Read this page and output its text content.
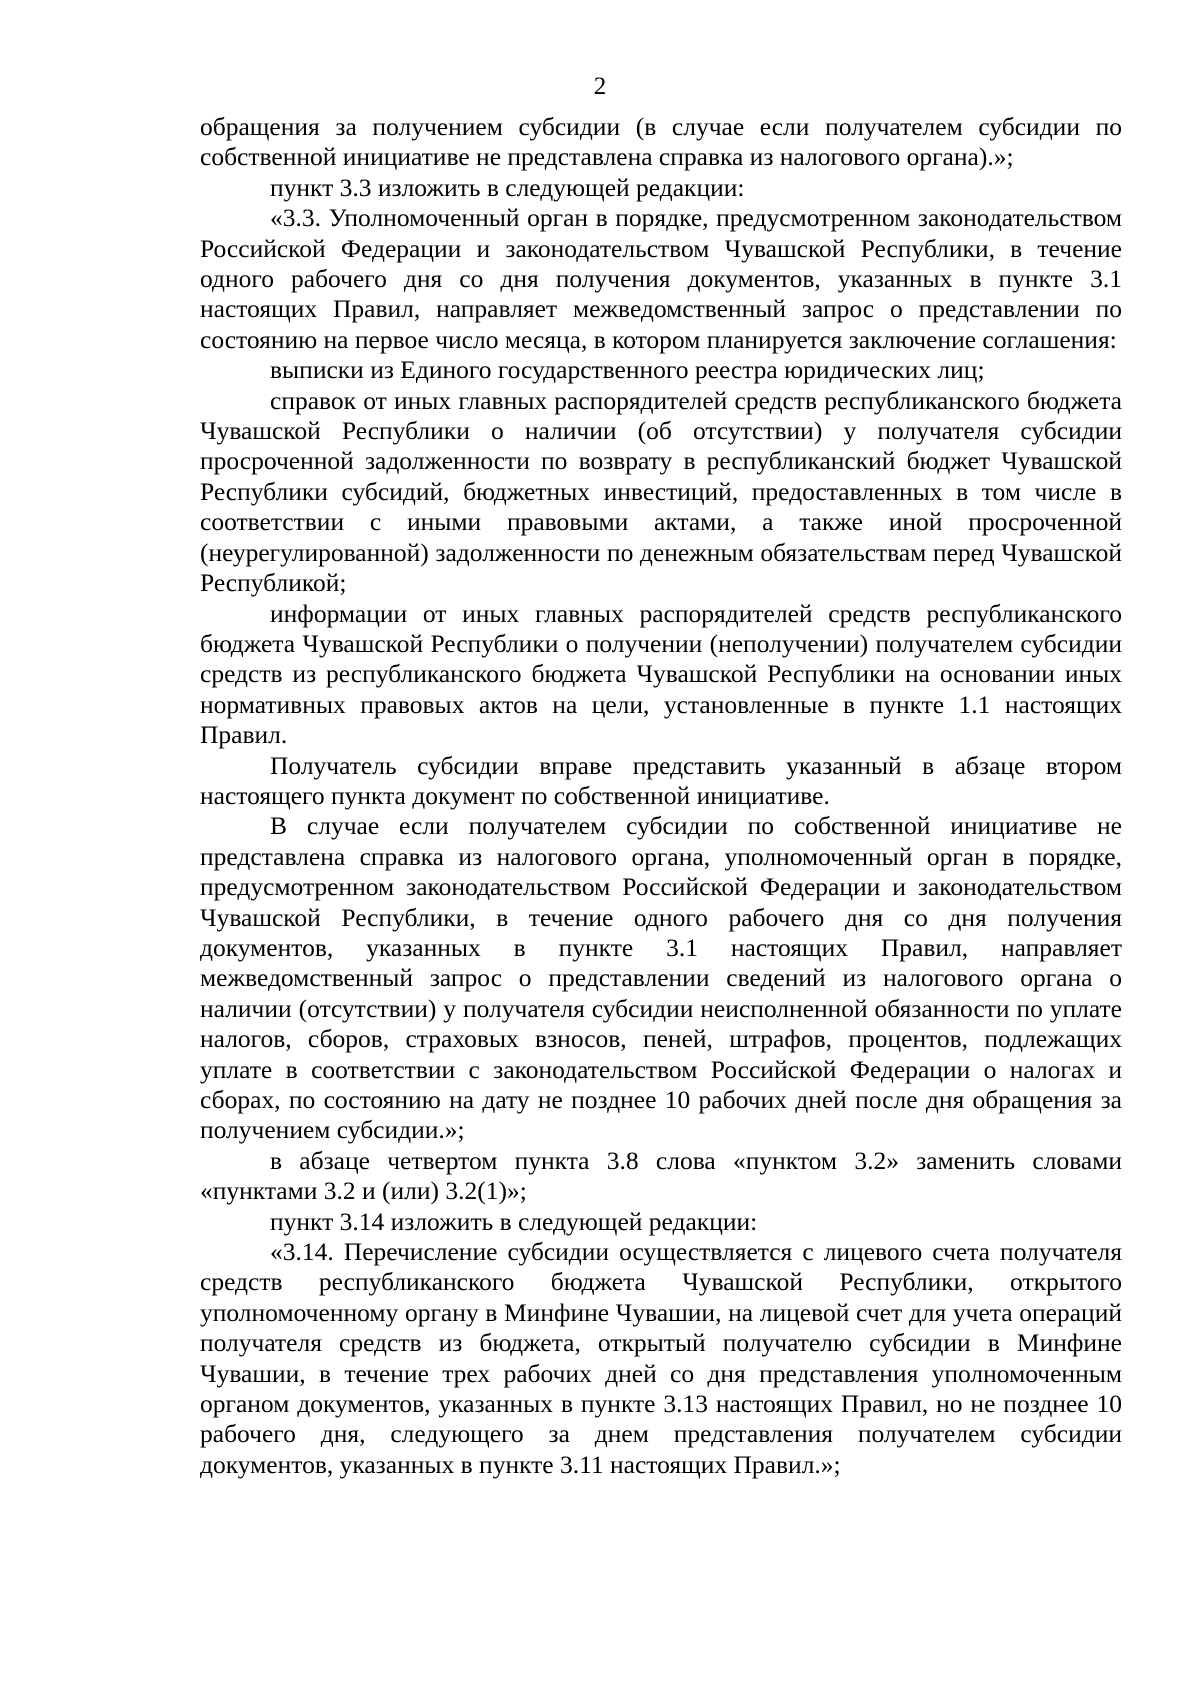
2

обращения за получением субсидии (в случае если получателем субсидии по собственной инициативе не представлена справка из налогового органа).»;

пункт 3.3 изложить в следующей редакции:

«3.3. Уполномоченный орган в порядке, предусмотренном законодательством Российской Федерации и законодательством Чувашской Республики, в течение одного рабочего дня со дня получения документов, указанных в пункте 3.1 настоящих Правил, направляет межведомственный запрос о представлении по состоянию на первое число месяца, в котором планируется заключение соглашения:

выписки из Единого государственного реестра юридических лиц;

справок от иных главных распорядителей средств республиканского бюджета Чувашской Республики о наличии (об отсутствии) у получателя субсидии просроченной задолженности по возврату в республиканский бюджет Чувашской Республики субсидий, бюджетных инвестиций, предоставленных в том числе в соответствии с иными правовыми актами, а также иной просроченной (неурегулированной) задолженности по денежным обязательствам перед Чувашской Республикой;

информации от иных главных распорядителей средств республиканского бюджета Чувашской Республики о получении (неполучении) получателем субсидии средств из республиканского бюджета Чувашской Республики на основании иных нормативных правовых актов на цели, установленные в пункте 1.1 настоящих Правил.

Получатель субсидии вправе представить указанный в абзаце втором настоящего пункта документ по собственной инициативе.

В случае если получателем субсидии по собственной инициативе не представлена справка из налогового органа, уполномоченный орган в порядке, предусмотренном законодательством Российской Федерации и законодательством Чувашской Республики, в течение одного рабочего дня со дня получения документов, указанных в пункте 3.1 настоящих Правил, направляет межведомственный запрос о представлении сведений из налогового органа о наличии (отсутствии) у получателя субсидии неисполненной обязанности по уплате налогов, сборов, страховых взносов, пеней, штрафов, процентов, подлежащих уплате в соответствии с законодательством Российской Федерации о налогах и сборах, по состоянию на дату не позднее 10 рабочих дней после дня обращения за получением субсидии.»;

в абзаце четвертом пункта 3.8 слова «пунктом 3.2» заменить словами «пунктами 3.2 и (или) 3.2(1)»;

пункт 3.14 изложить в следующей редакции:

«3.14. Перечисление субсидии осуществляется с лицевого счета получателя средств республиканского бюджета Чувашской Республики, открытого уполномоченному органу в Минфине Чувашии, на лицевой счет для учета операций получателя средств из бюджета, открытый получателю субсидии в Минфине Чувашии, в течение трех рабочих дней со дня представления уполномоченным органом документов, указанных в пункте 3.13 настоящих Правил, но не позднее 10 рабочего дня, следующего за днем представления получателем субсидии документов, указанных в пункте 3.11 настоящих Правил.»;
